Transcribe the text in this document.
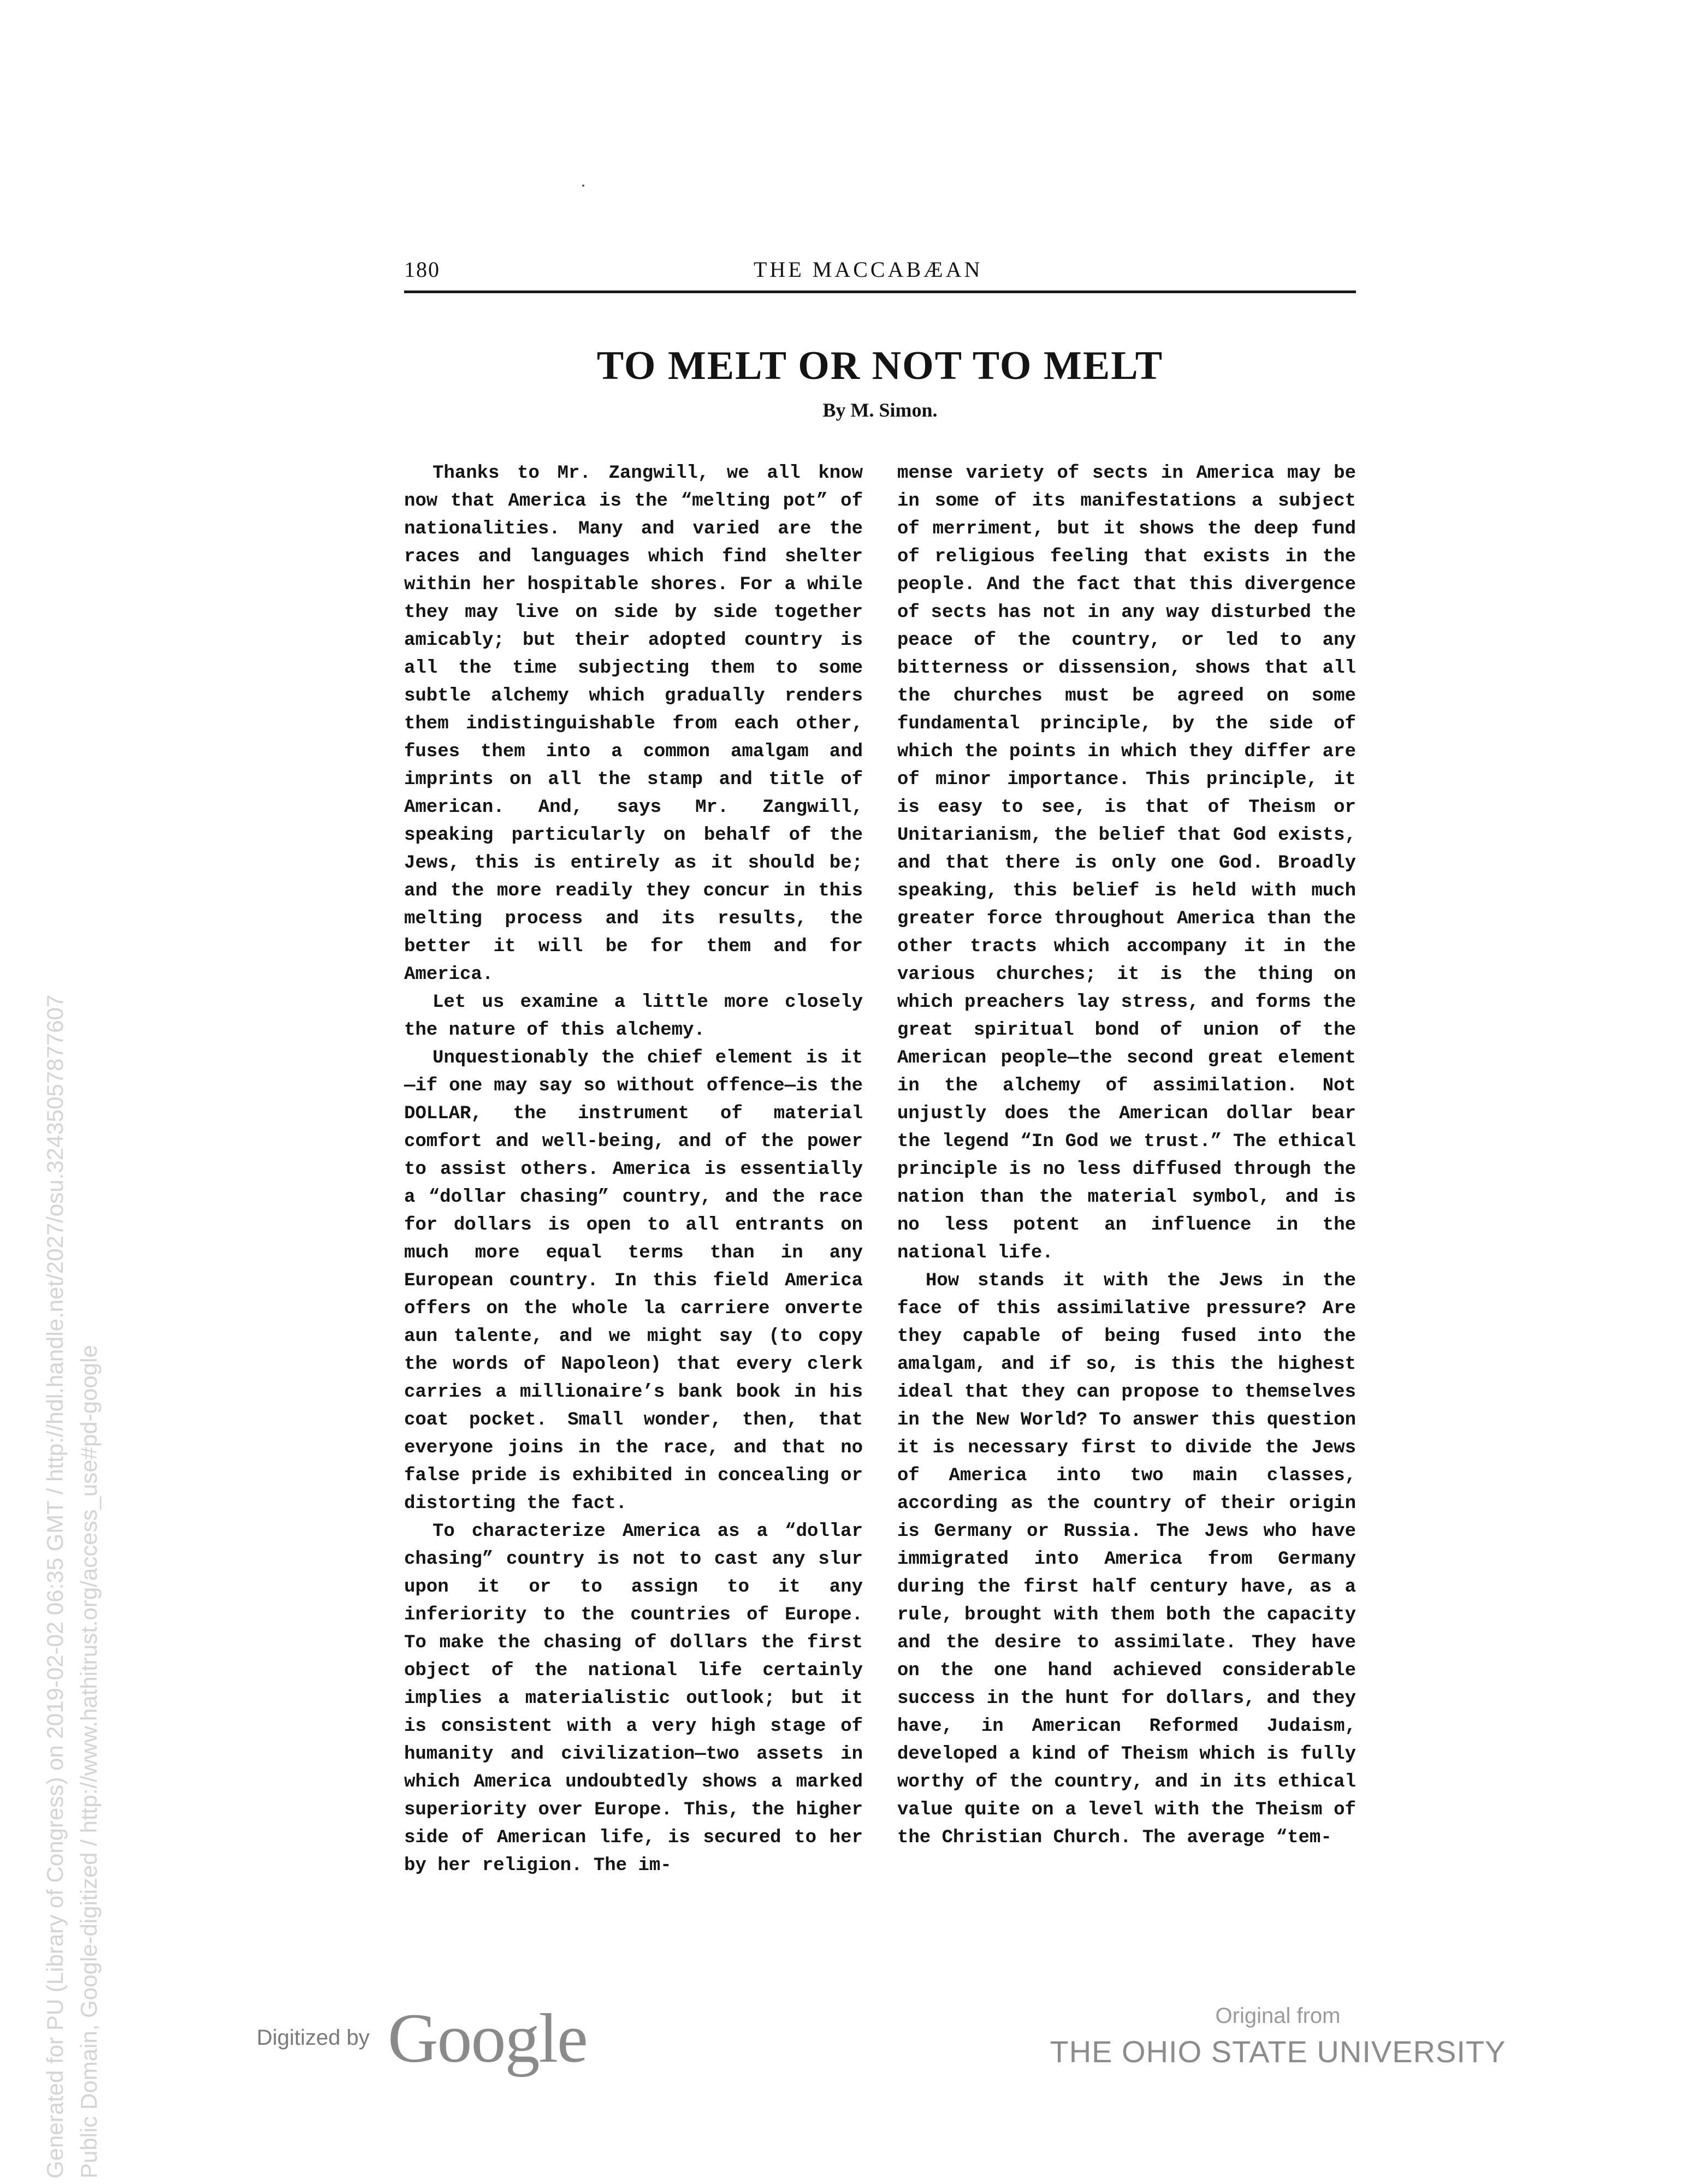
180	THE MACCABÆAN
TO MELT OR NOT TO MELT
By M. Simon.

Thanks to Mr. Zangwill, we all know now that America is the “melting pot” of nationalities. Many and varied are the races and languages which find shelter within her hospitable shores. For a while they may live on side by side together amicably; but their adopted country is all the time subjecting them to some subtle alchemy which gradually renders them indistinguishable from each other, fuses them into a common amalgam and imprints on all the stamp and title of American. And, says Mr. Zangwill, speaking particularly on behalf of the Jews, this is entirely as it should be; and the more readily they concur in this melting process and its results, the better it will be for them and for America.

Let us examine a little more closely the nature of this alchemy.

Unquestionably the chief element is it—if one may say so without offence—is the DOLLAR, the instrument of material comfort and well-being, and of the power to assist others. America is essentially a “dollar chasing” country, and the race for dollars is open to all entrants on much more equal terms than in any European country. In this field America offers on the whole la carriere onverte aun talente, and we might say (to copy the words of Napoleon) that every clerk carries a millionaire’s bank book in his coat pocket. Small wonder, then, that everyone joins in the race, and that no false pride is exhibited in concealing or distorting the fact.

To characterize America as a “dollar chasing” country is not to cast any slur upon it or to assign to it any inferiority to the countries of Europe. To make the chasing of dollars the first object of the national life certainly implies a materialistic outlook; but it is consistent with a very high stage of humanity and civilization—two assets in which America undoubtedly shows a marked superiority over Europe. This, the higher side of American life, is secured to her by her religion. The im-

mense variety of sects in America may be in some of its manifestations a subject of merriment, but it shows the deep fund of religious feeling that exists in the people. And the fact that this divergence of sects has not in any way disturbed the peace of the country, or led to any bitterness or dissension, shows that all the churches must be agreed on some fundamental principle, by the side of which the points in which they differ are of minor importance. This principle, it is easy to see, is that of Theism or Unitarianism, the belief that God exists, and that there is only one God. Broadly speaking, this belief is held with much greater force throughout America than the other tracts which accompany it in the various churches; it is the thing on which preachers lay stress, and forms the great spiritual bond of union of the American people—the second great element in the alchemy of assimilation. Not unjustly does the American dollar bear the legend “In God we trust.” The ethical principle is no less diffused through the nation than the material symbol, and is no less potent an influence in the national life.

How stands it with the Jews in the face of this assimilative pressure? Are they capable of being fused into the amalgam, and if so, is this the highest ideal that they can propose to themselves in the New World? To answer this question it is necessary first to divide the Jews of America into two main classes, according as the country of their origin is Germany or Russia. The Jews who have immigrated into America from Germany during the first half century have, as a rule, brought with them both the capacity and the desire to assimilate. They have on the one hand achieved considerable success in the hunt for dollars, and they have, in American Reformed Judaism, developed a kind of Theism which is fully worthy of the country, and in its ethical value quite on a level with the Theism of the Christian Church. The average “tem-

Generated for PU (Library of Congress) on 2019-02-02 06:35 GMT / http://hdl.handle.net/2027/osu.32435057877607 Public Domain, Google-digitized / http://www.hathitrust.org/access_use#pd-google	Digitized by Google	Original from
THE OHIO STATE UNIVERSITY
